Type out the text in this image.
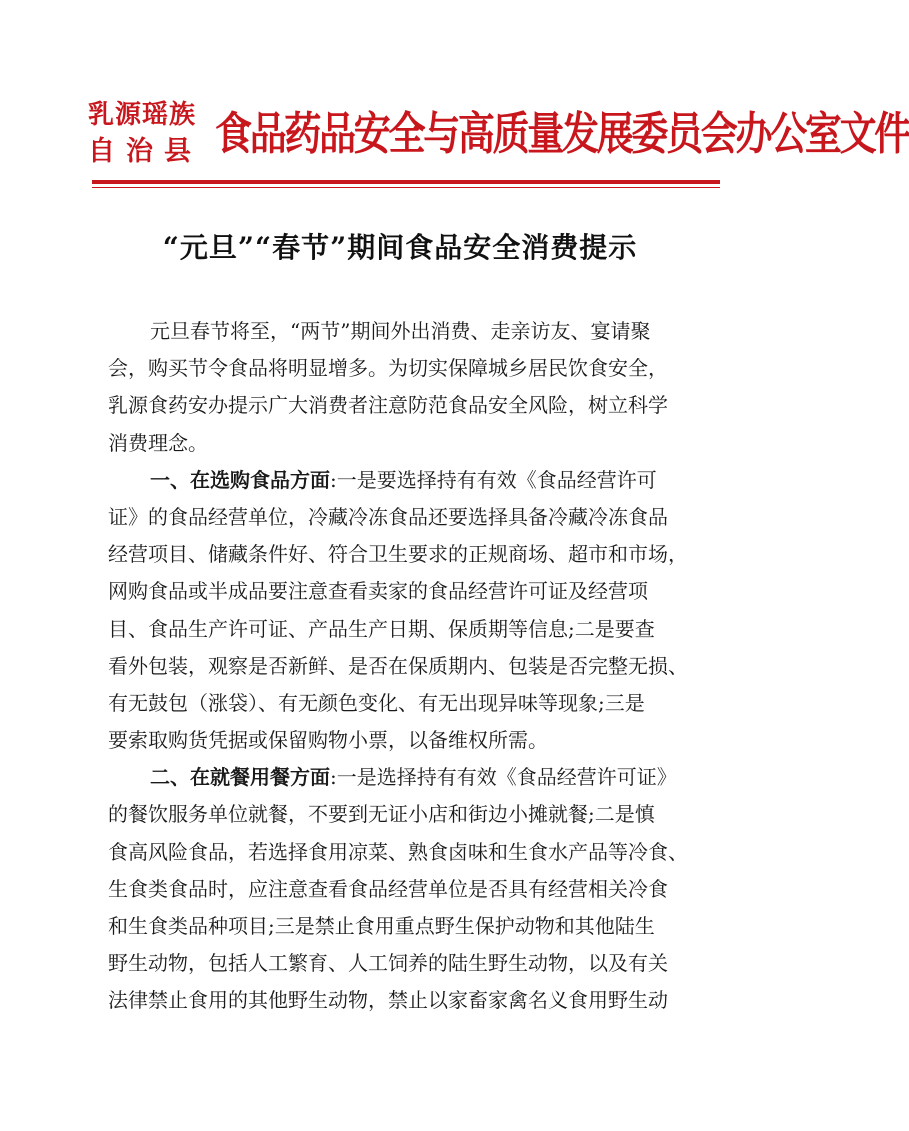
乳源瑶族
自治县 食品药品安全与高质量发展委员会办公室文件
“元旦”“春节”期间食品安全消费提示
元旦春节将至，“两节”期间外出消费、走亲访友、宴请聚
会，购买节令食品将明显增多。为切实保障城乡居民饮食安全，
乳源食药安办提示广大消费者注意防范食品安全风险，树立科学
消费理念。
一、在选购食品方面:一是要选择持有有效《食品经营许可
证》的食品经营单位，冷藏冷冻食品还要选择具备冷藏冷冻食品
经营项目、储藏条件好、符合卫生要求的正规商场、超市和市场，
网购食品或半成品要注意查看卖家的食品经营许可证及经营项
目、食品生产许可证、产品生产日期、保质期等信息;二是要查
看外包装，观察是否新鲜、是否在保质期内、包装是否完整无损、
有无鼓包（涨袋）、有无颜色变化、有无出现异味等现象;三是
要索取购货凭据或保留购物小票，以备维权所需。
二、在就餐用餐方面:一是选择持有有效《食品经营许可证》
的餐饮服务单位就餐，不要到无证小店和街边小摊就餐;二是慎
食高风险食品，若选择食用凉菜、熟食卤味和生食水产品等冷食、
生食类食品时，应注意查看食品经营单位是否具有经营相关冷食
和生食类品种项目;三是禁止食用重点野生保护动物和其他陆生
野生动物，包括人工繁育、人工饲养的陆生野生动物，以及有关
法律禁止食用的其他野生动物，禁止以家畜家禽名义食用野生动
